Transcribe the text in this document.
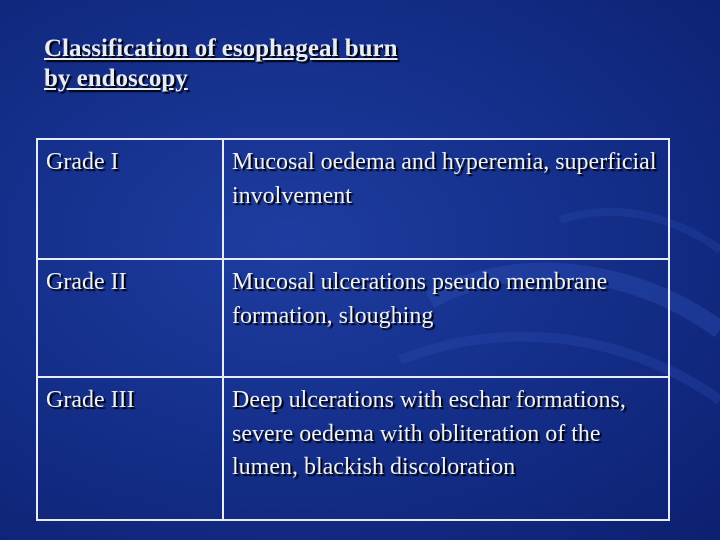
Classification of esophageal burn
by endoscopy
Grade I	Mucosal oedema and hyperemia, superficial involvement
Grade II	Mucosal ulcerations pseudo membrane formation, sloughing
Grade III	Deep ulcerations with eschar formations, severe oedema with obliteration of the lumen, blackish discoloration
